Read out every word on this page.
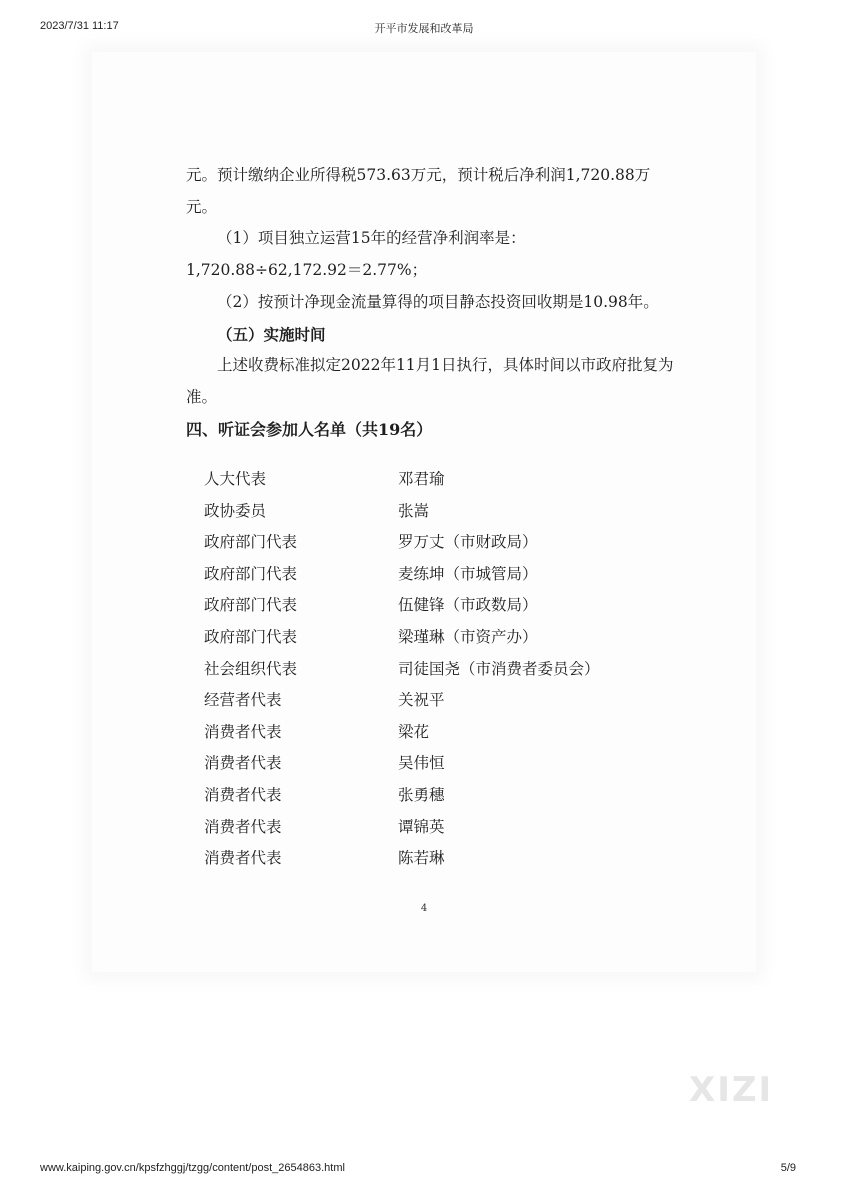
2023/7/31 11:17	开平市发展和改革局

元。预计缴纳企业所得税573.63万元，预计税后净利润1,720.88万元。

（1）项目独立运营15年的经营净利润率是：1,720.88÷62,172.92＝2.77%；

（2）按预计净现金流量算得的项目静态投资回收期是10.98年。

（五）实施时间

上述收费标准拟定2022年11月1日执行，具体时间以市政府批复为准。

四、听证会参加人名单（共19名）

人大代表	邓君瑜
政协委员	张嵩
政府部门代表	罗万丈（市财政局）
政府部门代表	麦练坤（市城管局）
政府部门代表	伍健锋（市政数局）
政府部门代表	梁瑾琳（市资产办）
社会组织代表	司徒国尧（市消费者委员会）
经营者代表	关祝平
消费者代表	梁花
消费者代表	吴伟恒
消费者代表	张勇穗
消费者代表	谭锦英
消费者代表	陈若琳
4
XIZI
www.kaiping.gov.cn/kpsfzhggj/tzgg/content/post_2654863.html	5/9
